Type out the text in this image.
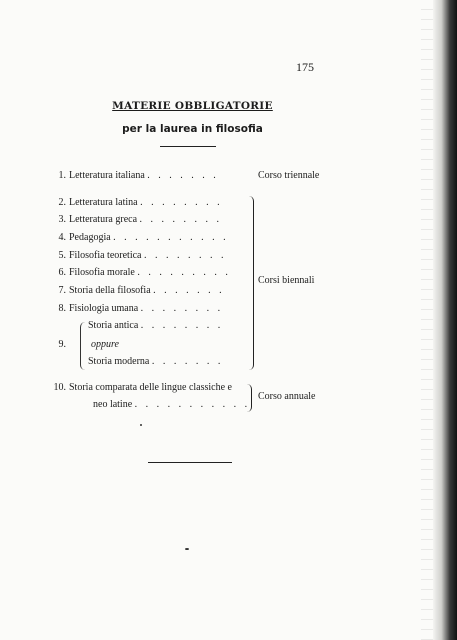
175
MATERIE OBBLIGATORIE
per la laurea in filosofia
1. Letteratura italiana . . . . . . .	Corso triennale
2. Letteratura latina . . . . . . . .
3. Letteratura greca . . . . . . . .
4. Pedagogia . . . . . . . . . . .
5. Filosofia teoretica . . . . . . . .
6. Filosofia morale . . . . . . . . .
7. Storia della filosofia . . . . . . .
8. Fisiologia umana . . . . . . . .
9.
Storia antica . . . . . . . .
oppure
Storia moderna . . . . . . .
Corsi biennali
10. Storia comparata delle lingue classiche e
neo latine . . . . . . . . . . .
Corso annuale
